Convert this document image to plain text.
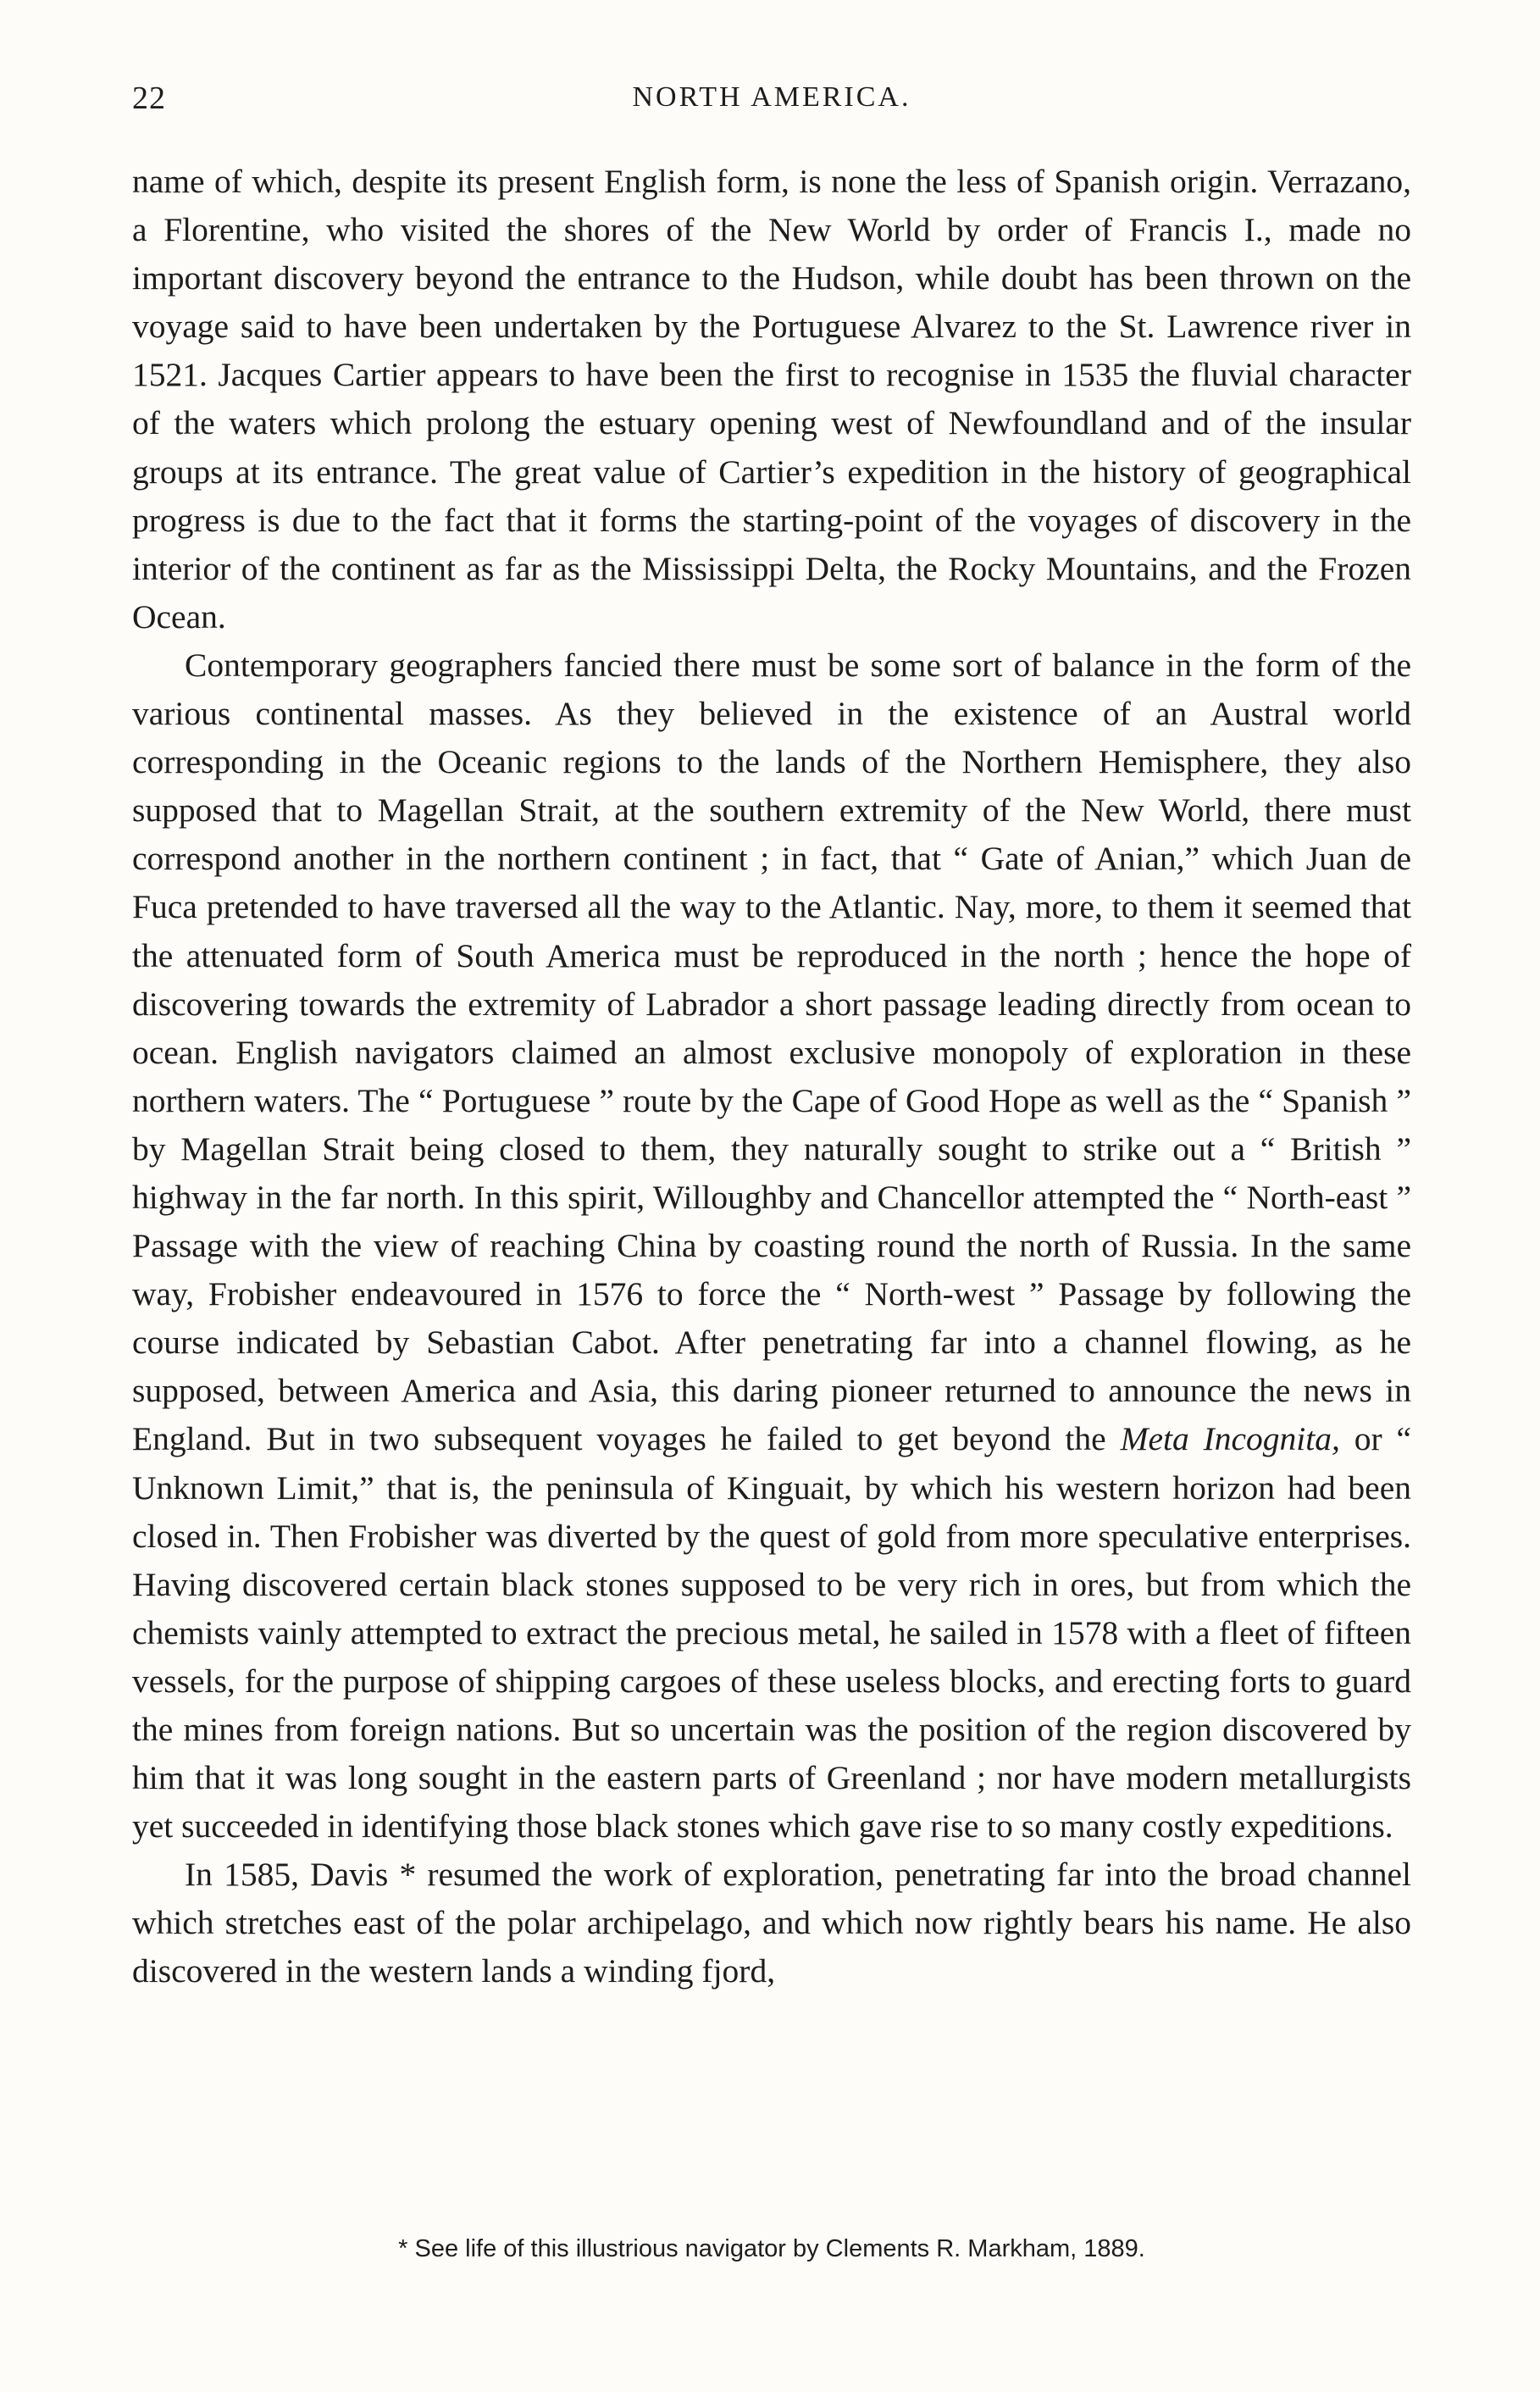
22	NORTH AMERICA.

name of which, despite its present English form, is none the less of Spanish origin. Verrazano, a Florentine, who visited the shores of the New World by order of Francis I., made no important discovery beyond the entrance to the Hudson, while doubt has been thrown on the voyage said to have been undertaken by the Portuguese Alvarez to the St. Lawrence river in 1521. Jacques Cartier appears to have been the first to recognise in 1535 the fluvial character of the waters which prolong the estuary opening west of Newfoundland and of the insular groups at its entrance. The great value of Cartier’s expedition in the history of geographical progress is due to the fact that it forms the starting-point of the voyages of discovery in the interior of the continent as far as the Mississippi Delta, the Rocky Mountains, and the Frozen Ocean.

Contemporary geographers fancied there must be some sort of balance in the form of the various continental masses. As they believed in the existence of an Austral world corresponding in the Oceanic regions to the lands of the Northern Hemisphere, they also supposed that to Magellan Strait, at the southern extremity of the New World, there must correspond another in the northern continent ; in fact, that “ Gate of Anian,” which Juan de Fuca pretended to have traversed all the way to the Atlantic. Nay, more, to them it seemed that the attenuated form of South America must be reproduced in the north ; hence the hope of discovering towards the extremity of Labrador a short passage leading directly from ocean to ocean. English navigators claimed an almost exclusive monopoly of exploration in these northern waters. The “ Portuguese ” route by the Cape of Good Hope as well as the “ Spanish ” by Magellan Strait being closed to them, they naturally sought to strike out a “ British ” highway in the far north. In this spirit, Willoughby and Chancellor attempted the “ North-east ” Passage with the view of reaching China by coasting round the north of Russia. In the same way, Frobisher endeavoured in 1576 to force the “ North-west ” Passage by following the course indicated by Sebastian Cabot. After penetrating far into a channel flowing, as he supposed, between America and Asia, this daring pioneer returned to announce the news in England. But in two subsequent voyages he failed to get beyond the Meta Incognita, or “ Unknown Limit,” that is, the peninsula of Kinguait, by which his western horizon had been closed in. Then Frobisher was diverted by the quest of gold from more speculative enterprises. Having discovered certain black stones supposed to be very rich in ores, but from which the chemists vainly attempted to extract the precious metal, he sailed in 1578 with a fleet of fifteen vessels, for the purpose of shipping cargoes of these useless blocks, and erecting forts to guard the mines from foreign nations. But so uncertain was the position of the region discovered by him that it was long sought in the eastern parts of Greenland ; nor have modern metallurgists yet succeeded in identifying those black stones which gave rise to so many costly expeditions.

In 1585, Davis * resumed the work of exploration, penetrating far into the broad channel which stretches east of the polar archipelago, and which now rightly bears his name. He also discovered in the western lands a winding fjord,

* See life of this illustrious navigator by Clements R. Markham, 1889.
